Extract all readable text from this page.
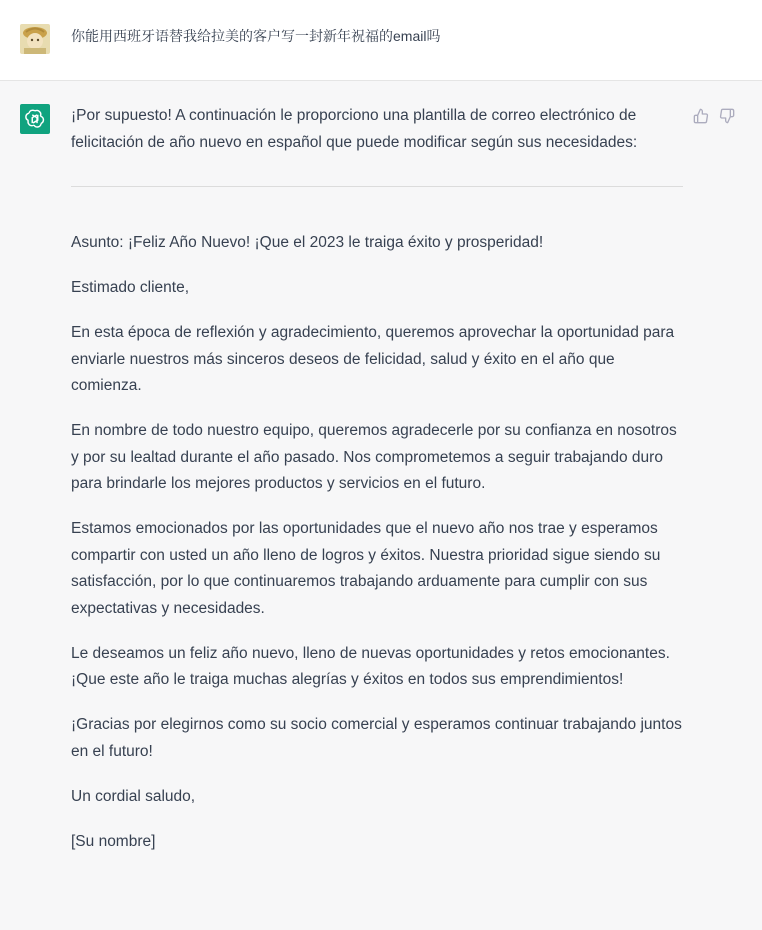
你能用西班牙语替我给拉美的客户写一封新年祝福的email吗

¡Por supuesto! A continuación le proporciono una plantilla de correo electrónico de felicitación de año nuevo en español que puede modificar según sus necesidades:

Asunto: ¡Feliz Año Nuevo! ¡Que el 2023 le traiga éxito y prosperidad!

Estimado cliente,

En esta época de reflexión y agradecimiento, queremos aprovechar la oportunidad para enviarle nuestros más sinceros deseos de felicidad, salud y éxito en el año que comienza.

En nombre de todo nuestro equipo, queremos agradecerle por su confianza en nosotros y por su lealtad durante el año pasado. Nos comprometemos a seguir trabajando duro para brindarle los mejores productos y servicios en el futuro.

Estamos emocionados por las oportunidades que el nuevo año nos trae y esperamos compartir con usted un año lleno de logros y éxitos. Nuestra prioridad sigue siendo su satisfacción, por lo que continuaremos trabajando arduamente para cumplir con sus expectativas y necesidades.

Le deseamos un feliz año nuevo, lleno de nuevas oportunidades y retos emocionantes. ¡Que este año le traiga muchas alegrías y éxitos en todos sus emprendimientos!

¡Gracias por elegirnos como su socio comercial y esperamos continuar trabajando juntos en el futuro!

Un cordial saludo,

[Su nombre]
